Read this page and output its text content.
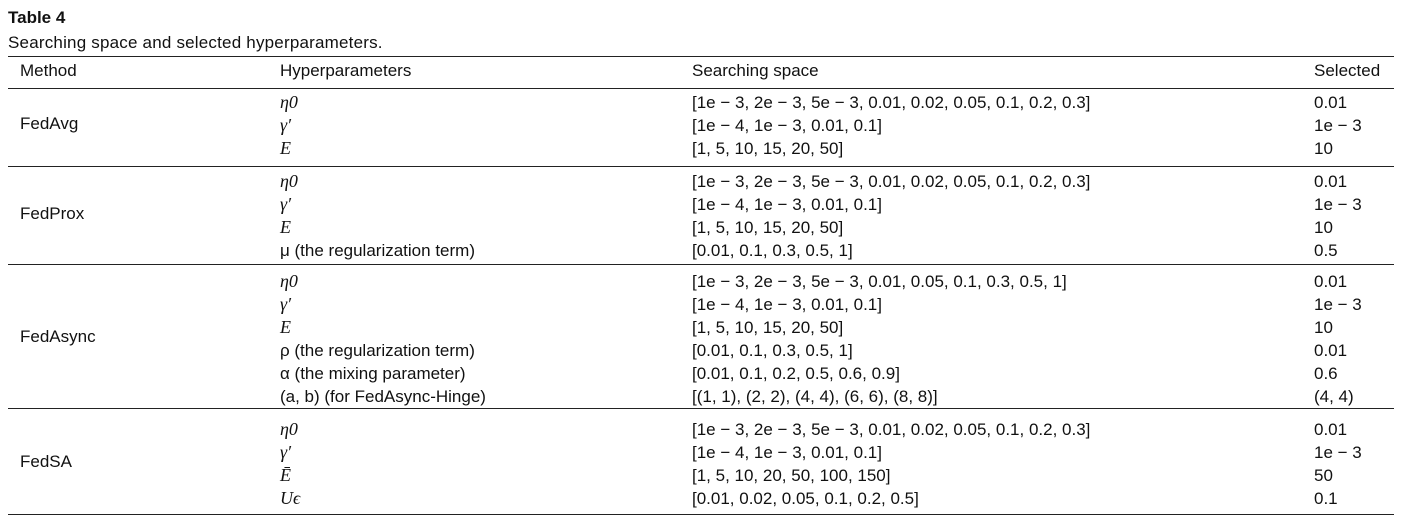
Table 4
Searching space and selected hyperparameters.
Method	Hyperparameters	Searching space	Selected
FedAvg
η0	[1e − 3, 2e − 3, 5e − 3, 0.01, 0.02, 0.05, 0.1, 0.2, 0.3]	0.01
γ′	[1e − 4, 1e − 3, 0.01, 0.1]	1e − 3
E	[1, 5, 10, 15, 20, 50]	10
FedProx
η0	[1e − 3, 2e − 3, 5e − 3, 0.01, 0.02, 0.05, 0.1, 0.2, 0.3]	0.01
γ′	[1e − 4, 1e − 3, 0.01, 0.1]	1e − 3
E	[1, 5, 10, 15, 20, 50]	10
μ (the regularization term)	[0.01, 0.1, 0.3, 0.5, 1]	0.5
FedAsync
η0	[1e − 3, 2e − 3, 5e − 3, 0.01, 0.05, 0.1, 0.3, 0.5, 1]	0.01
γ′	[1e − 4, 1e − 3, 0.01, 0.1]	1e − 3
E	[1, 5, 10, 15, 20, 50]	10
ρ (the regularization term)	[0.01, 0.1, 0.3, 0.5, 1]	0.01
α (the mixing parameter)	[0.01, 0.1, 0.2, 0.5, 0.6, 0.9]	0.6
(a, b) (for FedAsync-Hinge)	[(1, 1), (2, 2), (4, 4), (6, 6), (8, 8)]	(4, 4)
FedSA
η0	[1e − 3, 2e − 3, 5e − 3, 0.01, 0.02, 0.05, 0.1, 0.2, 0.3]	0.01
γ′	[1e − 4, 1e − 3, 0.01, 0.1]	1e − 3
Ē	[1, 5, 10, 20, 50, 100, 150]	50
Uϵ	[0.01, 0.02, 0.05, 0.1, 0.2, 0.5]	0.1
